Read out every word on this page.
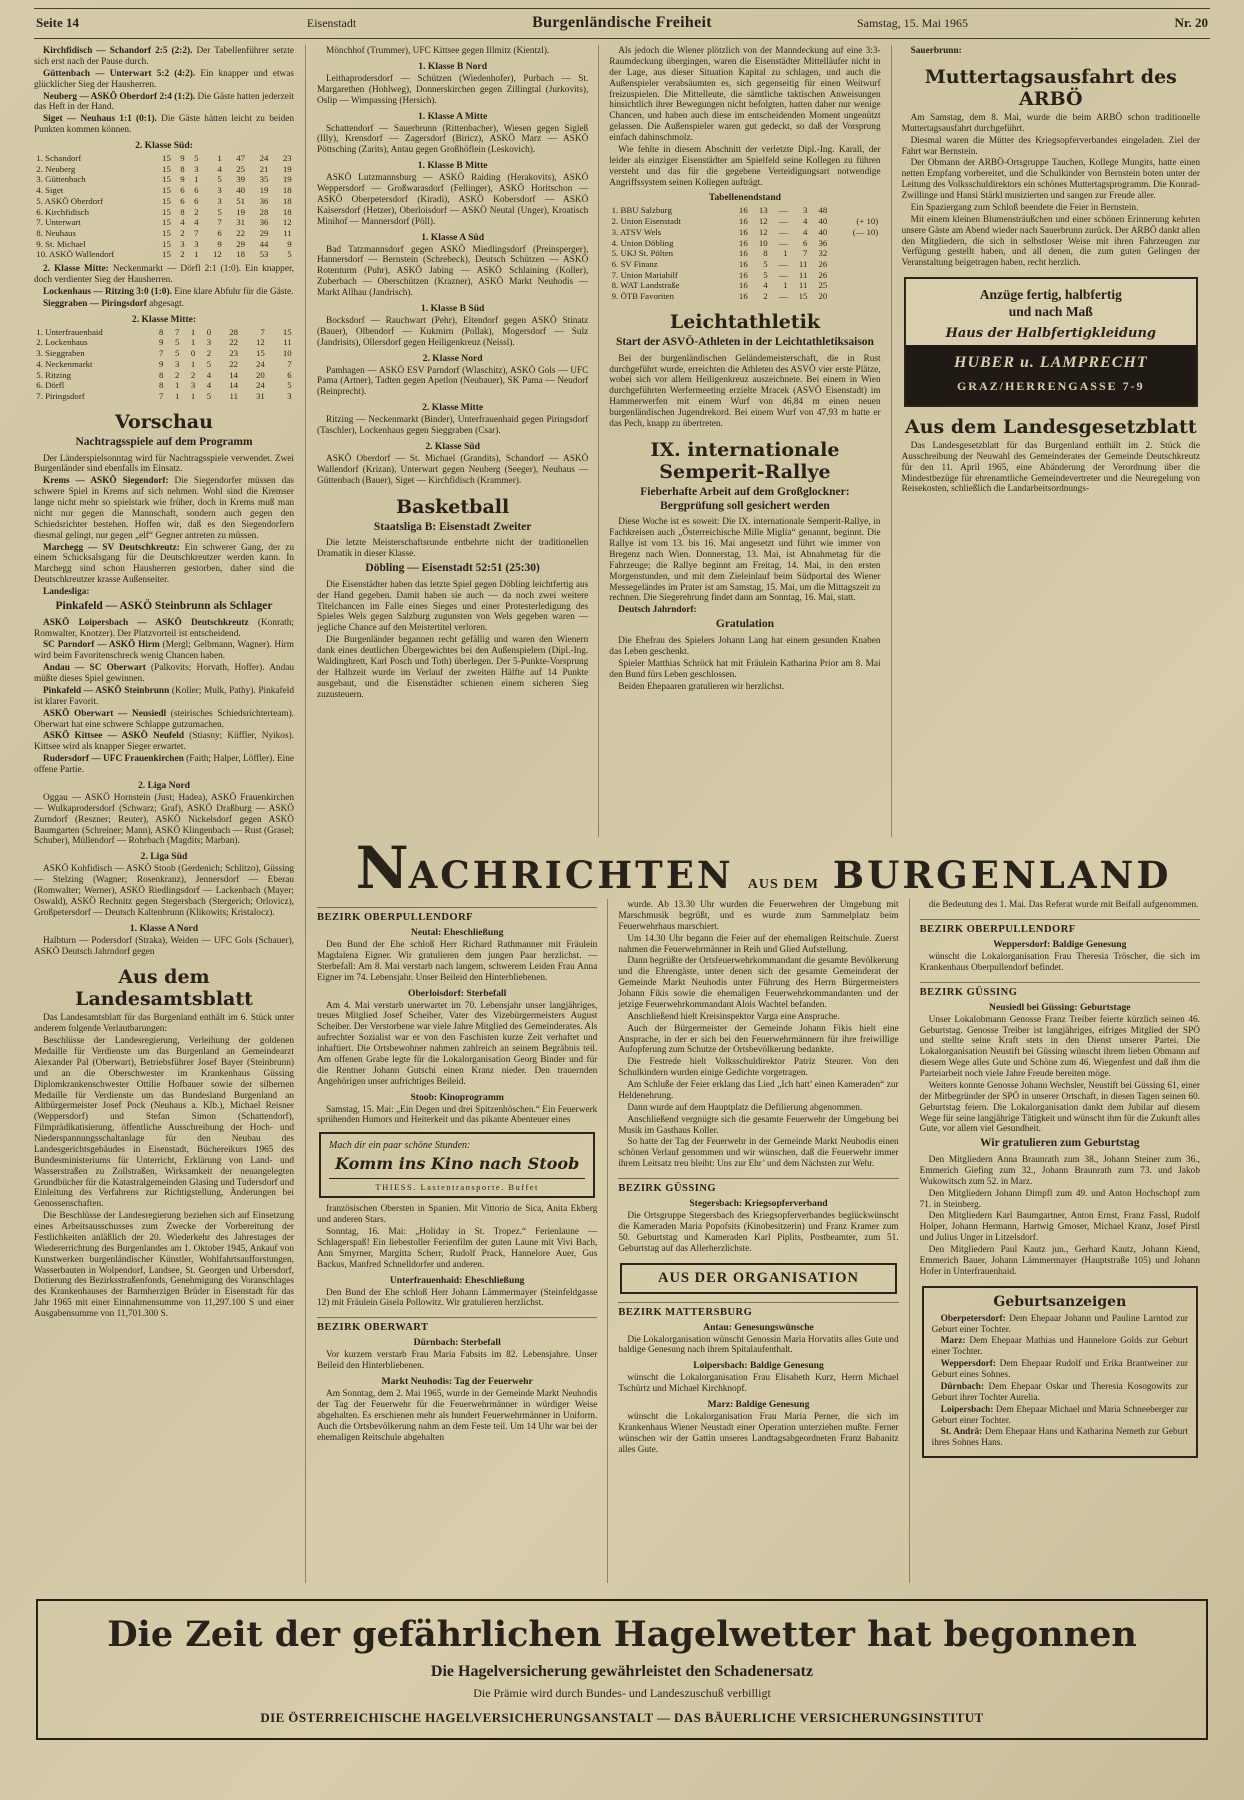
Seite 14	Eisenstadt	Burgenländische Freiheit	Samstag, 15. Mai 1965	Nr. 20

Kirchfidisch — Schandorf 2:5 (2:2). Der Tabellenführer setzte sich erst nach der Pause durch.

Güttenbach — Unterwart 5:2 (4:2). Ein knapper und etwas glücklicher Sieg der Hausherren.

Neuberg — ASKÖ Oberdorf 2:4 (1:2). Die Gäste hatten jederzeit das Heft in der Hand.

Siget — Neuhaus 1:1 (0:1). Die Gäste hätten leicht zu beiden Punkten kommen können.

2. Klasse Süd:
1. Schandorf	15	9	5	1	47	24	23
2. Neuberg	15	8	3	4	25	21	19
3. Güttenbach	15	9	1	5	39	35	19
4. Siget	15	6	6	3	40	19	18
5. ASKÖ Oberdorf	15	6	6	3	51	36	18
6. Kirchfidisch	15	8	2	5	19	28	18
7. Unterwart	15	4	4	7	31	36	12
8. Neuhaus	15	2	7	6	22	29	11
9. St. Michael	15	3	3	9	29	44	9
10. ASKÖ Wallendorf	15	2	1	12	18	53	5

2. Klasse Mitte: Neckenmarkt — Dörfl 2:1 (1:0). Ein knapper, doch verdienter Sieg der Hausherren.

Lockenhaus — Ritzing 3:0 (1:0). Eine klare Abfuhr für die Gäste.

Sieggraben — Piringsdorf abgesagt.

2. Klasse Mitte:
1. Unterfrauenhaid	8	7	1	0	28	7	15
2. Lockenhaus	9	5	1	3	22	12	11
3. Sieggraben	7	5	0	2	23	15	10
4. Neckenmarkt	9	3	1	5	22	24	7
5. Ritzing	8	2	2	4	14	20	6
6. Dörfl	8	1	3	4	14	24	5
7. Piringsdorf	7	1	1	5	11	31	3
Vorschau
Nachtragsspiele auf dem Programm

Der Länderspielsonntag wird für Nachtragsspiele verwendet. Zwei Burgenländer sind ebenfalls im Einsatz.

Krems — ASKÖ Siegendorf: Die Siegendorfer müssen das schwere Spiel in Krems auf sich nehmen. Wohl sind die Kremser lange nicht mehr so spielstark wie früher, doch in Krems muß man nicht nur gegen die Mannschaft, sondern auch gegen den Schiedsrichter bestehen. Hoffen wir, daß es den Siegendorfern diesmal gelingt, nur gegen „elf“ Gegner antreten zu müssen.

Marchegg — SV Deutschkreutz: Ein schwerer Gang, der zu einem Schicksalsgang für die Deutschkreutzer werden kann. In Marchegg sind schon Hausherren gestorben, daher sind die Deutschkreutzer krasse Außenseiter.

Landesliga:

Pinkafeld — ASKÖ Steinbrunn als Schlager

ASKÖ Loipersbach — ASKÖ Deutschkreutz (Konrath; Romwalter, Knotzer). Der Platzvorteil ist entscheidend.

SC Parndorf — ASKÖ Hirm (Mergl; Gelbmann, Wagner). Hirm wird beim Favoritenschreck wenig Chancen haben.

Andau — SC Oberwart (Palkovits; Horvath, Hoffer). Andau müßte dieses Spiel gewinnen.

Pinkafeld — ASKÖ Steinbrunn (Koller; Mulk, Pathy). Pinkafeld ist klarer Favorit.

ASKÖ Oberwart — Neusiedl (steirisches Schiedsrichterteam). Oberwart hat eine schwere Schlappe gutzumachen.

ASKÖ Kittsee — ASKÖ Neufeld (Stiasny; Küffler, Nyikos). Kittsee wird als knapper Sieger erwartet.

Rudersdorf — UFC Frauenkirchen (Faith; Halper, Löffler). Eine offene Partie.

2. Liga Nord

Oggau — ASKÖ Hornstein (Just; Hadea), ASKÖ Frauenkirchen — Wulkaprodersdorf (Schwarz; Graf), ASKÖ Draßburg — ASKÖ Zurndorf (Reszner; Reuter), ASKÖ Nickelsdorf gegen ASKÖ Baumgarten (Schreiner; Mann), ASKÖ Klingenbach — Rust (Grasel; Schuber), Müllendorf — Rohrbach (Magdits; Marban).

2. Liga Süd

ASKÖ Kohfidisch — ASKÖ Stoob (Gerdenich; Schlitzo), Güssing — Stelzing (Wagner; Rosenkranz), Jennersdorf — Eberau (Romwalter; Werner), ASKÖ Riedlingsdorf — Lackenbach (Mayer; Oswald), ASKÖ Rechnitz gegen Stegersbach (Stergerich; Orlovicz), Großpetersdorf — Deutsch Kaltenbrunn (Klikowits; Kristalocz).

1. Klasse A Nord

Halbturn — Podersdorf (Straka), Weiden — UFC Gols (Schauer), ASKÖ Deutsch Jahrndorf gegen

Aus dem Landesamtsblatt

Das Landesamtsblatt für das Burgenland enthält im 6. Stück unter anderem folgende Verlautbarungen:

Beschlüsse der Landesregierung, Verleihung der goldenen Medaille für Verdienste um das Burgenland an Gemeindearzt Alexander Pal (Oberwart), Betriebsführer Josef Bayer (Steinbrunn) und an die Oberschwester im Krankenhaus Güssing Diplomkrankenschwester Ottilie Hofbauer sowie der silbernen Medaille für Verdienste um das Bundesland Burgenland an Altbürgermeister Josef Pock (Neuhaus a. Klb.), Michael Reisner (Weppersdorf) und Stefan Simon (Schattendorf), Filmprädikatisierung, öffentliche Ausschreibung der Hoch- und Niederspannungsschaltanlage für den Neubau des Landesgerichtsgebäudes in Eisenstadt, Büchereikurs 1965 des Bundesministeriums für Unterricht, Erklärung von Land- und Wasserstraßen zu Zollstraßen, Wirksamkeit der neuangelegten Grundbücher für die Katastralgemeinden Glasing und Tudersdorf und Einleitung des Verfahrens zur Richtigstellung, Änderungen bei Genossenschaften.

Die Beschlüsse der Landesregierung beziehen sich auf Einsetzung eines Arbeitsausschusses zum Zwecke der Vorbereitung der Festlichkeiten anläßlich der 20. Wiederkehr des Jahrestages der Wiedererrichtung des Burgenlandes am 1. Oktober 1945, Ankauf von Kunstwerken burgenländischer Künstler, Wohlfahrtsaufforstungen, Wasserbauten in Wolpendorf, Landsee, St. Georgen und Urbersdorf, Dotierung des Bezirksstraßenfonds, Genehmigung des Voranschlages des Krankenhauses der Barmherzigen Brüder in Eisenstadt für das Jahr 1965 mit einer Einnahmensumme von 11,297.100 S und einer Ausgabensumme von 11,701.300 S.

Mönchhof (Trummer), UFC Kittsee gegen Illmitz (Kientzl).

1. Klasse B Nord

Leithaprodersdorf — Schützen (Wiedenhofer), Purbach — St. Margarethen (Hohlweg), Donnerskirchen gegen Zillingtal (Jurkovits), Oslip — Wimpassing (Hersich).

1. Klasse A Mitte

Schattendorf — Sauerbrunn (Rittenbacher), Wiesen gegen Sigleß (Illy), Krensdorf — Zagersdorf (Biricz), ASKÖ Marz — ASKÖ Pöttsching (Zarits), Antau gegen Großhöflein (Leskovich).

1. Klasse B Mitte

ASKÖ Lutzmannsburg — ASKÖ Raiding (Herakovits), ASKÖ Weppersdorf — Großwarasdorf (Fellinger), ASKÖ Horitschon — ASKÖ Oberpetersdorf (Kiradi), ASKÖ Kobersdorf — ASKÖ Kaisersdorf (Hetzer), Oberloisdorf — ASKÖ Neutal (Unger), Kroatisch Minihof — Mannersdorf (Pöll).

1. Klasse A Süd

Bad Tatzmannsdorf gegen ASKÖ Miedlingsdorf (Preinsperger), Hannersdorf — Bernstein (Schrebeck), Deutsch Schützen — ASKÖ Rotenturm (Puhr), ASKÖ Jabing — ASKÖ Schlaining (Koller), Zuberbach — Oberschützen (Krazner), ASKÖ Markt Neuhodis — Markt Allhau (Jandrisch).

1. Klasse B Süd

Bocksdorf — Rauchwart (Pehr), Eltendorf gegen ASKÖ Stinatz (Bauer), Olbendorf — Kukmirn (Pollak), Mogersdorf — Sulz (Jandrisits), Ollersdorf gegen Heiligenkreuz (Neissl).

2. Klasse Nord

Pamhagen — ASKÖ ESV Parndorf (Wlaschitz), ASKÖ Gols — UFC Pama (Artner), Tadten gegen Apetlon (Neubauer), SK Pama — Neudorf (Reinprecht).

2. Klasse Mitte

Ritzing — Neckenmarkt (Binder), Unterfrauenhaid gegen Piringsdorf (Taschler), Lockenhaus gegen Sieggraben (Csar).

2. Klasse Süd

ASKÖ Oberdorf — St. Michael (Grandits), Schandorf — ASKÖ Wallendorf (Krizan), Unterwart gegen Neuberg (Seeger), Neuhaus — Güttenbach (Bauer), Siget — Kirchfidisch (Krammer).

Basketball
Staatsliga B: Eisenstadt Zweiter

Die letzte Meisterschaftsrunde entbehrte nicht der traditionellen Dramatik in dieser Klasse.

Döbling — Eisenstadt 52:51 (25:30)

Die Eisenstädter haben das letzte Spiel gegen Döbling leichtfertig aus der Hand gegeben. Damit haben sie auch — da noch zwei weitere Titelchancen im Falle eines Sieges und einer Protesterledigung des Spieles Wels gegen Salzburg zugunsten von Wels gegeben waren — jegliche Chance auf den Meistertitel verloren.

Die Burgenländer begannen recht gefällig und waren den Wienern dank eines deutlichen Übergewichtes bei den Außenspielern (Dipl.-Ing. Waldinghrett, Karl Posch und Toth) überlegen. Der 5-Punkte-Vorsprung der Halbzeit wurde im Verlauf der zweiten Hälfte auf 14 Punkte ausgebaut, und die Eisenstädter schienen einem sicheren Sieg zuzusteuern.

Als jedoch die Wiener plötzlich von der Manndeckung auf eine 3:3-Raumdeckung übergingen, waren die Eisenstädter Mittelläufer nicht in der Lage, aus dieser Situation Kapital zu schlagen, und auch die Außenspieler verabsäumten es, sich gegenseitig für einen Weitwurf freizuspielen. Die Mittelleute, die sämtliche taktischen Anweisungen hinsichtlich ihrer Bewegungen nicht befolgten, hatten daher nur wenige Chancen, und haben auch diese im entscheidenden Moment ungenützt gelassen. Die Außenspieler waren gut gedeckt, so daß der Vorsprung einfach dahinschmolz.

Wie fehlte in diesem Abschnitt der verletzte Dipl.-Ing. Karall, der leider als einziger Eisenstädter am Spielfeld seine Kollegen zu führen versteht und das für die gegebene Verteidigungsart notwendige Angriffssystem seinen Kollegen aufträgt.

Tabellenendstand
1. BBU Salzburg	16	13	—	3	48	
2. Union Eisenstadt	16	12	—	4	40	(+ 10)
3. ATSV Wels	16	12	—	4	40	(— 10)
4. Union Döbling	16	10	—	6	36	
5. UKJ St. Pölten	16	8	1	7	32	
6. SV Finanz	16	5	—	11	26	
7. Union Mariahilf	16	5	—	11	26	
8. WAT Landstraße	16	4	1	11	25	
9. ÖTB Favoriten	16	2	—	15	20	
Leichtathletik
Start der ASVÖ-Athleten in der Leichtathletiksaison

Bei der burgenländischen Geländemeisterschaft, die in Rust durchgeführt wurde, erreichten die Athleten des ASVÖ vier erste Plätze, wobei sich vor allem Heiligenkreuz auszeichnete. Bei einem in Wien durchgeführten Werfermeeting erzielte Mracek (ASVÖ Eisenstadt) im Hammerwerfen mit einem Wurf von 46,84 m einen neuen burgenländischen Jugendrekord. Bei einem Wurf von 47,93 m hatte er das Pech, knapp zu übertreten.

IX. internationale Semperit-Rallye
Fieberhafte Arbeit auf dem Großglockner: Bergprüfung soll gesichert werden

Diese Woche ist es soweit: Die IX. internationale Semperit-Rallye, in Fachkreisen auch „Österreichische Mille Miglia“ genannt, beginnt. Die Rallye ist vom 13. bis 16. Mai angesetzt und führt wie immer von Bregenz nach Wien. Donnerstag, 13. Mai, ist Abnahmetag für die Fahrzeuge; die Rallye beginnt am Freitag, 14. Mai, in den ersten Morgenstunden, und mit dem Zieleinlauf beim Südportal des Wiener Messegeländes im Prater ist am Samstag, 15. Mai, um die Mittagszeit zu rechnen. Die Siegerehrung findet dann am Sonntag, 16. Mai, statt.

Deutsch Jahrndorf:

Gratulation

Die Ehefrau des Spielers Johann Lang hat einem gesunden Knaben das Leben geschenkt.

Spieler Matthias Schröck hat mit Fräulein Katharina Prior am 8. Mai den Bund fürs Leben geschlossen.

Beiden Ehepaaren gratulieren wir herzlichst.

Sauerbrunn:

Muttertagsausfahrt des ARBÖ

Am Samstag, dem 8. Mai, wurde die beim ARBÖ schon traditionelle Muttertagsausfahrt durchgeführt.

Diesmal waren die Mütter des Kriegsopferverbandes eingeladen. Ziel der Fahrt war Bernstein.

Der Obmann der ARBÖ-Ortsgruppe Tauchen, Kollege Mungits, hatte einen netten Empfang vorbereitet, und die Schulkinder von Bernstein boten unter der Leitung des Volksschuldirektors ein schönes Muttertagsprogramm. Die Konrad-Zwillinge und Hansi Stärkl musizierten und sangen zur Freude aller.

Ein Spaziergang zum Schloß beendete die Feier in Bernstein.

Mit einem kleinen Blumensträußchen und einer schönen Erinnerung kehrten unsere Gäste am Abend wieder nach Sauerbrunn zurück. Der ARBÖ dankt allen den Mitgliedern, die sich in selbstloser Weise mit ihren Fahrzeugen zur Verfügung gestellt haben, und all denen, die zum guten Gelingen der Veranstaltung beigetragen haben, recht herzlich.

Anzüge fertig, halbfertig
und nach Maß
Haus der Halbfertigkleidung
HUBER u. LAMPRECHT
GRAZ/HERRENGASSE 7-9
Aus dem Landesgesetzblatt

Das Landesgesetzblatt für das Burgenland enthält im 2. Stück die Ausschreibung der Neuwahl des Gemeinderates der Gemeinde Deutschkreutz für den 11. April 1965, eine Abänderung der Verordnung über die Mindestbezüge für ehrenamtliche Gemeindevertreter und die Neuregelung von Reisekosten, schließlich die Landarbeitsordnungs-

NACHRICHTEN AUS DEM BURGENLAND
BEZIRK OBERPULLENDORF
Neutal: Eheschließung

Den Bund der Ehe schloß Herr Richard Rathmanner mit Fräulein Magdalena Eigner. Wir gratulieren dem jungen Paar herzlichst. — Sterbefall: Am 8. Mai verstarb nach langem, schwerem Leiden Frau Anna Eigner im 74. Lebensjahr. Unser Beileid den Hinterbliebenen.

Oberloisdorf: Sterbefall

Am 4. Mai verstarb unerwartet im 70. Lebensjahr unser langjähriges, treues Mitglied Josef Scheiber, Vater des Vizebürgermeisters August Scheiber. Der Verstorbene war viele Jahre Mitglied des Gemeinderates. Als aufrechter Sozialist war er von den Faschisten kurze Zeit verhaftet und inhaftiert. Die Ortsbewohner nahmen zahlreich an seinem Begräbnis teil. Am offenen Grabe legte für die Lokalorganisation Georg Binder und für die Rentner Johann Gutschi einen Kranz nieder. Den trauernden Angehörigen unser aufrichtiges Beileid.

Stoob: Kinoprogramm

Samstag, 15. Mai: „Ein Degen und drei Spitzenhöschen.“ Ein Feuerwerk sprühenden Humors und Heiterkeit und das pikante Abenteuer eines

Mach dir ein paar schöne Stunden:
Komm ins Kino nach Stoob
THIESS. Lastentransporte. Buffet

französischen Obersten in Spanien. Mit Vittorio de Sica, Anita Ekberg und anderen Stars.

Sonntag, 16. Mai: „Holiday in St. Tropez.“ Ferienlaune — Schlagerspaß! Ein liebestoller Ferienfilm der guten Laune mit Vivi Bach, Ann Smyrner, Margitta Scherr, Rudolf Prack, Hannelore Auer, Gus Backus, Manfred Schnelldorfer und anderen.

Unterfrauenhaid: Eheschließung

Den Bund der Ehe schloß Herr Johann Lämmermayer (Steinfeldgasse 12) mit Fräulein Gisela Pollowitz. Wir gratulieren herzlichst.

BEZIRK OBERWART
Dürnbach: Sterbefall

Vor kurzem verstarb Frau Maria Fabsits im 82. Lebensjahre. Unser Beileid den Hinterbliebenen.

Markt Neuhodis: Tag der Feuerwehr

Am Sonntag, dem 2. Mai 1965, wurde in der Gemeinde Markt Neuhodis der Tag der Feuerwehr für die Feuerwehrmänner in würdiger Weise abgehalten. Es erschienen mehr als hundert Feuerwehrmänner in Uniform. Auch die Ortsbevölkerung nahm an dem Feste teil. Um 14 Uhr war bei der ehemaligen Reitschule abgehalten

wurde. Ab 13.30 Uhr wurden die Feuerwehren der Umgebung mit Marschmusik begrüßt, und es wurde zum Sammelplatz beim Feuerwehrhaus marschiert.

Um 14.30 Uhr begann die Feier auf der ehemaligen Reitschule. Zuerst nahmen die Feuerwehrmänner in Reih und Glied Aufstellung.

Dann begrüßte der Ortsfeuerwehrkommandant die gesamte Bevölkerung und die Ehrengäste, unter denen sich der gesamte Gemeinderat der Gemeinde Markt Neuhodis unter Führung des Herrn Bürgermeisters Johann Fikis sowie die ehemaligen Feuerwehrkommandanten und der jetzige Feuerwehrkommandant Alois Wachtel befanden.

Anschließend hielt Kreisinspektor Varga eine Ansprache.

Auch der Bürgermeister der Gemeinde Johann Fikis hielt eine Ansprache, in der er sich bei den Feuerwehrmännern für ihre freiwillige Aufopferung zum Schutze der Ortsbevölkerung bedankte.

Die Festrede hielt Volksschuldirektor Patriz Steurer. Von den Schulkindern wurden einige Gedichte vorgetragen.

Am Schluße der Feier erklang das Lied „Ich hatt’ einen Kameraden“ zur Heldenehrung.

Dann wurde auf dem Hauptplatz die Defilierung abgenommen.

Anschließend vergnügte sich die gesamte Feuerwehr der Umgebung bei Musik im Gasthaus Koller.

So hatte der Tag der Feuerwehr in der Gemeinde Markt Neuhodis einen schönen Verlauf genommen und wir wünschen, daß die Feuerwehr immer ihrem Leitsatz treu bleibt: Uns zur Ehr’ und dem Nächsten zur Wehr.

BEZIRK GÜSSING
Stegersbach: Kriegsopferverband

Die Ortsgruppe Stegersbach des Kriegsopferverbandes beglückwünscht die Kameraden Maria Popofsits (Kinobesitzerin) und Franz Kramer zum 50. Geburtstag und Kameraden Karl Piplits, Postbeamter, zum 51. Geburtstag auf das Allerherzlichste.

AUS DER ORGANISATION
BEZIRK MATTERSBURG
Antau: Genesungswünsche

Die Lokalorganisation wünscht Genossin Maria Horvatits alles Gute und baldige Genesung nach ihrem Spitalaufenthalt.

Loipersbach: Baldige Genesung

wünscht die Lokalorganisation Frau Elisabeth Kurz, Herrn Michael Tschürtz und Michael Kirchknopf.

Marz: Baldige Genesung

wünscht die Lokalorganisation Frau Maria Perner, die sich im Krankenhaus Wiener Neustadt einer Operation unterziehen mußte. Ferner wünschen wir der Gattin unseres Landtagsabgeordneten Franz Babanitz alles Gute.

die Bedeutung des 1. Mai. Das Referat wurde mit Beifall aufgenommen.

BEZIRK OBERPULLENDORF
Weppersdorf: Baldige Genesung

wünscht die Lokalorganisation Frau Theresia Tröscher, die sich im Krankenhaus Oberpullendorf befindet.

BEZIRK GÜSSING
Neusiedl bei Güssing: Geburtstage

Unser Lokalobmann Genosse Franz Treiber feierte kürzlich seinen 46. Geburtstag. Genosse Treiber ist langjähriges, eifriges Mitglied der SPÖ und stellte seine Kraft stets in den Dienst unserer Partei. Die Lokalorganisation Neustift bei Güssing wünscht ihrem lieben Obmann auf diesem Wege alles Gute und Schöne zum 46. Wiegenfest und daß ihm die Parteiarbeit noch viele Jahre Freude bereiten möge.

Weiters konnte Genosse Johann Wechsler, Neustift bei Güssing 61, einer der Mitbegründer der SPÖ in unserer Ortschaft, in diesen Tagen seinen 60. Geburtstag feiern. Die Lokalorganisation dankt dem Jubilar auf diesem Wege für seine langjährige Tätigkeit und wünscht ihm für die Zukunft alles Gute, vor allem viel Gesundheit.

Wir gratulieren zum Geburtstag

Den Mitgliedern Anna Braunrath zum 38., Johann Steiner zum 36., Emmerich Giefing zum 32., Johann Braunrath zum 73. und Jakob Wukowitsch zum 52. in Marz.

Den Mitgliedern Johann Dimpfl zum 49. und Anton Hochschopf zum 71. in Steinberg.

Den Mitgliedern Karl Baumgartner, Anton Ernst, Franz Fassl, Rudolf Holper, Johann Hermann, Hartwig Gmoser, Michael Kranz, Josef Pirstl und Julius Unger in Litzelsdorf.

Den Mitgliedern Paul Kautz jun., Gerhard Kautz, Johann Kiend, Emmerich Bauer, Johann Lämmermayer (Hauptstraße 105) und Johann Hofer in Unterfrauenhaid.

Geburtsanzeigen

Oberpetersdorf: Dem Ehepaar Johann und Pauline Larntod zur Geburt einer Tochter.

Marz: Dem Ehepaar Mathias und Hannelore Golds zur Geburt einer Tochter.

Weppersdorf: Dem Ehepaar Rudolf und Erika Brantweiner zur Geburt eines Sohnes.

Dürnbach: Dem Ehepaar Oskar und Theresia Kosogowits zur Geburt ihrer Tochter Aurelia.

Loipersbach: Dem Ehepaar Michael und Maria Schneeberger zur Geburt einer Tochter.

St. Andrä: Dem Ehepaar Hans und Katharina Nemeth zur Geburt ihres Sohnes Hans.

Die Zeit der gefährlichen Hagelwetter hat begonnen
Die Hagelversicherung gewährleistet den Schadenersatz
Die Prämie wird durch Bundes- und Landeszuschuß verbilligt
DIE ÖSTERREICHISCHE HAGELVERSICHERUNGSANSTALT — DAS BÄUERLICHE VERSICHERUNGSINSTITUT
